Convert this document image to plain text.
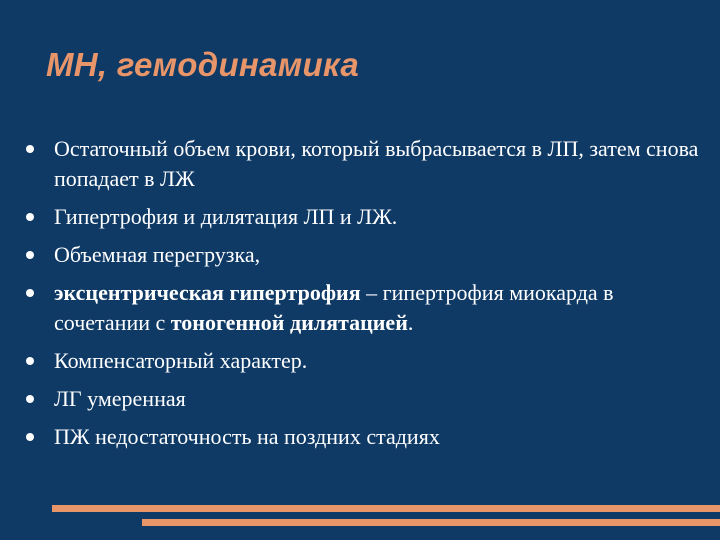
МН, гемодинамика
Остаточный объем крови, который выбрасывается в ЛП, затем снова попадает в ЛЖ
Гипертрофия и дилятация ЛП и ЛЖ.
Объемная перегрузка,
эксцентрическая гипертрофия – гипертрофия миокарда в сочетании с тоногенной дилятацией.
Компенсаторный характер.
ЛГ умеренная
ПЖ недостаточность на поздних стадиях
